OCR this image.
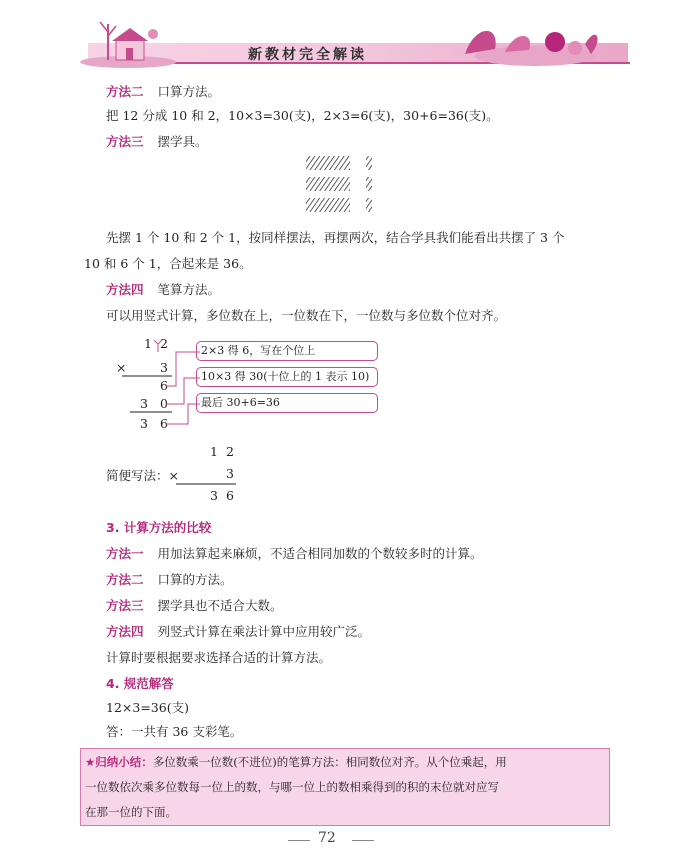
新教材完全解读
方法二 口算方法。
把 12 分成 10 和 2，10×3=30(支)，2×3=6(支)，30+6=36(支)。
方法三 摆学具。
先摆 1 个 10 和 2 个 1，按同样摆法，再摆两次，结合学具我们能看出共摆了 3 个
10 和 6 个 1，合起来是 36。
方法四 笔算方法。
可以用竖式计算，多位数在上，一位数在下，一位数与多位数个位对齐。
1 2
×	3
6
3 0
3 6
2×3 得 6，写在个位上
10×3 得 30(十位上的 1 表示 10)
最后 30+6=36
1 2
简便写法：×	3
3 6
3. 计算方法的比较
方法一 用加法算起来麻烦，不适合相同加数的个数较多时的计算。
方法二 口算的方法。
方法三 摆学具也不适合大数。
方法四 列竖式计算在乘法计算中应用较广泛。
计算时要根据要求选择合适的计算方法。
4. 规范解答
12×3=36(支)
答：一共有 36 支彩笔。
★归纳小结：多位数乘一位数(不进位)的笔算方法：相同数位对齐。从个位乘起，用
一位数依次乘多位数每一位上的数，与哪一位上的数相乘得到的积的末位就对应写
在那一位的下面。
72
